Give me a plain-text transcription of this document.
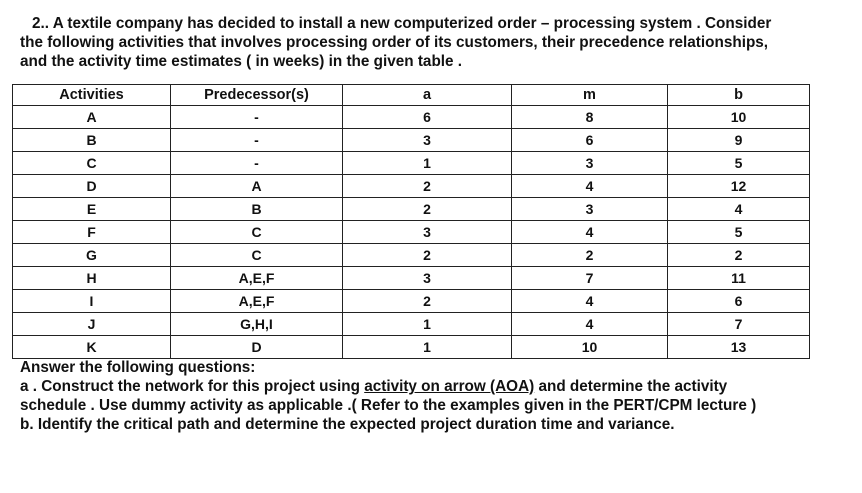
2.. A textile company has decided to install a new computerized order – processing system . Consider
the following activities that involves processing order of its customers, their precedence relationships,
and the activity time estimates ( in weeks) in the given table .
Activities	Predecessor(s)	a	m	b
A	-	6	8	10
B	-	3	6	9
C	-	1	3	5
D	A	2	4	12
E	B	2	3	4
F	C	3	4	5
G	C	2	2	2
H	A,E,F	3	7	11
I	A,E,F	2	4	6
J	G,H,I	1	4	7
K	D	1	10	13
Answer the following questions:
a . Construct the network for this project using activity on arrow (AOA) and determine the activity
schedule . Use dummy activity as applicable .( Refer to the examples given in the PERT/CPM lecture )
b. Identify the critical path and determine the expected project duration time and variance.
